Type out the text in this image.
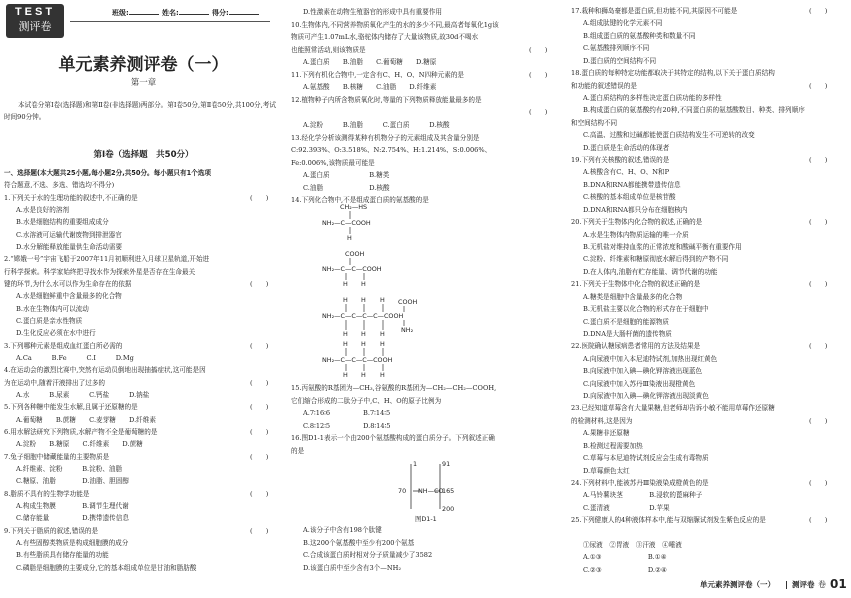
TEST
测评卷
班级:	姓名:	得分:
单元素养测评卷（一）
第一章
本试卷分第Ⅰ卷(选择题)和第Ⅱ卷(非选择题)两部分。第Ⅰ卷50分,第Ⅱ卷50分,共100分,考试时间90分钟。
第Ⅰ卷（选择题　共50分）
一、选择题(本大题共25小题,每小题2分,共50分。每小题只有1个选项
符合题意,不选、多选、错选均不得分)
1.下列关于水的生理功能的叙述中,不正确的是
A.水是良好的溶剂
B.水是细胞结构的重要组成成分
C.水溶液可运输代谢废物到排泄器官
D.水分解能释放能量供生命活动需要
2.“嫦娥一号”宇宙飞船于2007年11月初顺利进入月球卫星轨道,开始进
行科学探索。科学家始终把寻找水作为探索外星是否存在生命最关
键的环节,为什么水可以作为生命存在的依据
A.水是细胞鲜重中含量最多的化合物
B.水在生物体内可以流动
C.蛋白质是亲水性物质
D.生化反应必须在水中进行
3.下列哪种元素是组成血红蛋白所必需的
A.Ca　　　B.Fe　　　C.I　　　D.Mg
4.在运动会的激烈比赛中,突然有运动员倒地出现抽搐症状,这可能是因
为在运动中,随着汗液排出了过多的
A.水　　　B.尿素　　　C.钙盐　　　D.钠盐
5.下列各种糖中能发生水解,且属于还原糖的是
A.葡萄糖　　B.蔗糖　　C.麦芽糖　　D.纤维素
6.用水解法研究下列物质,水解产物不全是葡萄糖的是
A.淀粉　　B.糖原　　C.纤维素　　D.蔗糖
7.兔子细胞中储藏能量的主要物质是
A.纤维素、淀粉　　　B.淀粉、油脂
C.糖原、油脂　　　　D.油脂、胆固醇
8.脂质不具有的生物学功能是
A.构成生物膜　　　　B.调节生理代谢
C.储存能量　　　　　D.携带遗传信息
9.下列关于脂质的叙述,错误的是
A.有些固醇类物质是构成细胞膜的成分
B.有些脂质具有储存能量的功能
C.磷脂是细胞膜的主要成分,它的基本组成单位是甘油和脂肪酸
(　　)
(　　)
(　　)
(　　)
(　　)
(　　)
(　　)
(　　)
(　　)
D.性激素在动物生殖器官的形成中具有重要作用
10.生物体内,不同营养物质氧化产生的水的多少不同,最高者每氧化1g该
物质可产生1.07mL水,骆驼体内储存了大量该物质,故30d不喝水
也能照常活动,则该物质是
A.蛋白质　　B.油脂　　C.葡萄糖　　D.糖原
11.下列有机化合物中,一定含有C、H、O、N四种元素的是
A.氨基酸　　B.核糖　　C.油脂　　D.纤维素
12.植物种子内所含物质氧化时,等量的下列物质释放能量最多的是
A.淀粉　　　B.油脂　　　C.蛋白质　　　D.核酸
13.经化学分析该测得某种有机物分子的元素组成及其含量分别是
C:92.393%、O:3.518%、N:2.754%、H:1.214%、S:0.006%、
Fe:0.006%,该物质最可能是
A.蛋白质　　　　　　B.糖类
C.油脂　　　　　　　D.核酸
14.下列化合物中,不是组成蛋白质的氨基酸的是
(　　)
(　　)
(　　)
15.丙氨酸的R基团为—CH₃,谷氨酸的R基团为—CH₂—CH₂—COOH,
它们缩合形成的二肽分子中,C、H、O的原子比例为
A.7∶16∶6　　　　　B.7∶14∶5
C.8∶12∶5　　　　　D.8∶14∶5
16.图D1-1表示一个由200个氨基酸构成的蛋白质分子。下列叙述正确
的是
A.该分子中含有198个肽键
B.这200个氨基酸中至少有200个氨基
C.合成该蛋白质时相对分子质量减少了3582
D.该蛋白质中至少含有3个—NH₂
17.栽种和狮岛豪都是蛋白质,但功能不同,其原因不可能是
A.组成肽键的化学元素不同
B.组成蛋白质的氨基酸种类和数量不同
C.氨基酸排列顺序不同
D.蛋白质的空间结构不同
18.蛋白质的每种特定功能都取决于其特定的结构,以下关于蛋白质结构
和功能的叙述错误的是
A.蛋白质结构的多样性决定蛋白质功能的多样性
B.构成蛋白质的氨基酸约有20种,不同蛋白质的氨基酸数目、种类、排列顺序
和空间结构不同
C.高温、过酸和过碱都能使蛋白质结构发生不可逆转的改变
D.蛋白质是生命活动的体现者
19.下列有关核酸的叙述,错误的是
A.核酸含有C、H、O、N和P
B.DNA和RNA都能携带遗传信息
C.核酸的基本组成单位是核苷酸
D.DNA和RNA都只分布在细胞核内
20.下列关于生物体内化合物的叙述,正确的是
A.水是生物体内物质运输的唯一介质
B.无机盐对维持血浆的正常浓度和酸碱平衡有重要作用
C.淀粉、纤维素和糖原彻底水解后得到的产物不同
D.在人体内,油脂有贮存能量、调节代谢的功能
21.下列关于生物体中化合物的叙述正确的是
A.糖类是细胞中含量最多的化合物
B.无机盐主要以化合物的形式存在于细胞中
C.蛋白质不是细胞的能源物质
D.DNA是大肠杆菌的遗传物质
22.医院确认糖尿病患者常用的方法及结果是
A.向尿液中加入本尼迪特试剂,加热出现红黄色
B.向尿液中加入碘—碘化钾溶液出现蓝色
C.向尿液中加入苏丹Ⅲ染液出现橙黄色
D.向尿液中加入碘—碘化钾溶液出现淡黄色
23.已经知道草莓含有大量果糖,但老师却告诉小敏不能用草莓作还原糖
的检测材料,这是因为
A.果糖非还原糖
B.检测过程需要加热
C.草莓与本尼迪特试剂反应会生成有毒物质
D.草莓颜色太红
24.下列材料中,能被苏丹Ⅲ染液染成橙黄色的是
A.马铃薯块茎　　　　B.浸软的蓖麻种子
C.蛋清液　　　　　　D.苹果
25.下列健康人的4种液体样本中,能与双缩脲试剂发生紫色反应的是
①尿液　②胃液　③汗液　④唾液
A.①③　　　　　　　B.①④
C.②③　　　　　　　D.②④
(　　)
(　　)
(　　)
(　　)
(　　)
(　　)
(　　)
(　　)
(　　)
CH₂—HS
NH₂—C—COOH
H
COOH
NH₂—C—C—COOH
H H
H H H COOH
NH₂—C—C—C—C—COOH
NH₂
H H H
H H H
NH₂—C—C—C—COOH
H H H
1	91
70 NH—CO
165
200
图D1-1
单元素养测评卷（一） 测评卷 卷 01
